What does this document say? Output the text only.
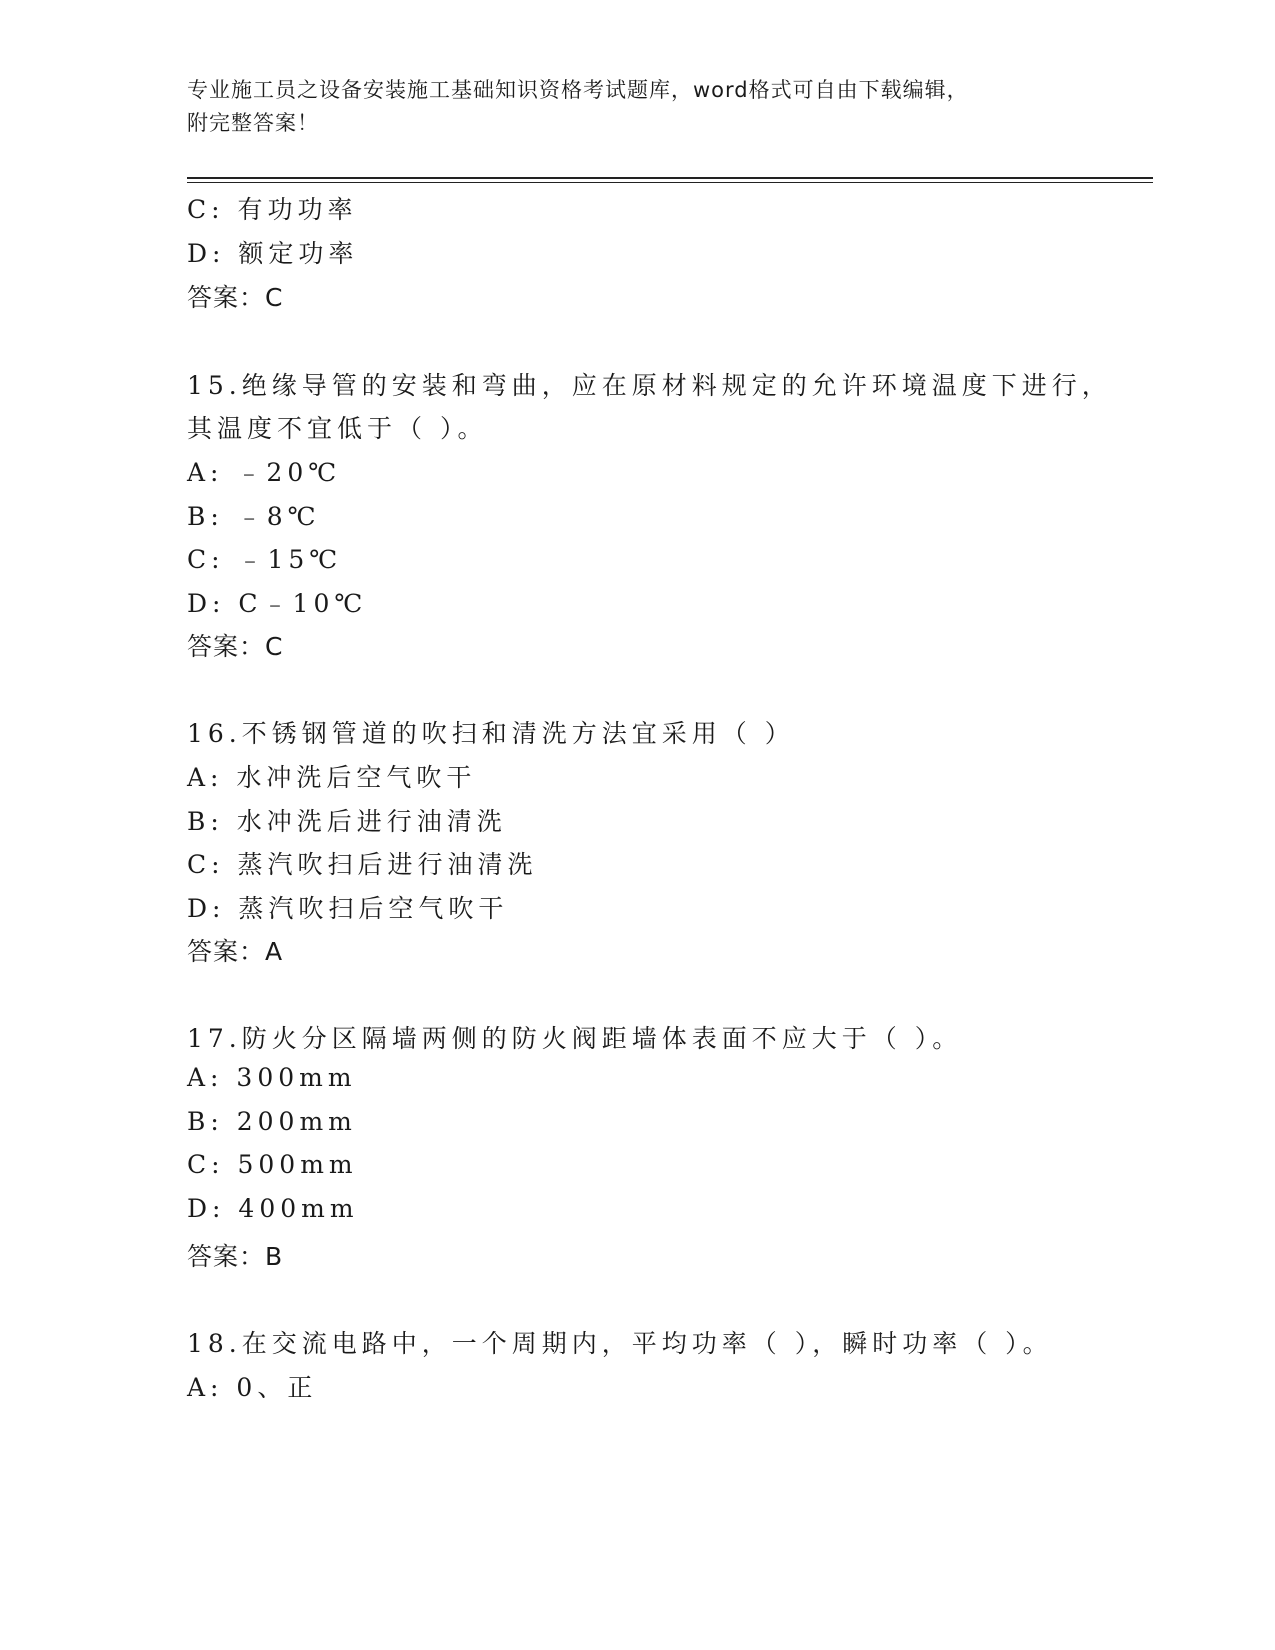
专业施工员之设备安装施工基础知识资格考试题库，word格式可自由下载编辑，
附完整答案！
C: 有功功率
D: 额定功率
答案：C
15.绝缘导管的安装和弯曲，应在原材料规定的允许环境温度下进行，
其温度不宜低于（ ）。
A: ﹣20℃
B: ﹣8℃
C: ﹣15℃
D: C﹣10℃
答案：C
16.不锈钢管道的吹扫和清洗方法宜采用（ ）
A: 水冲洗后空气吹干
B: 水冲洗后进行油清洗
C: 蒸汽吹扫后进行油清洗
D: 蒸汽吹扫后空气吹干
答案：A
17.防火分区隔墙两侧的防火阀距墙体表面不应大于（ ）。
A: 300mm
B: 200mm
C: 500mm
D: 400mm
答案：B
18.在交流电路中，一个周期内，平均功率（ ），瞬时功率（ ）。
A: 0、正
